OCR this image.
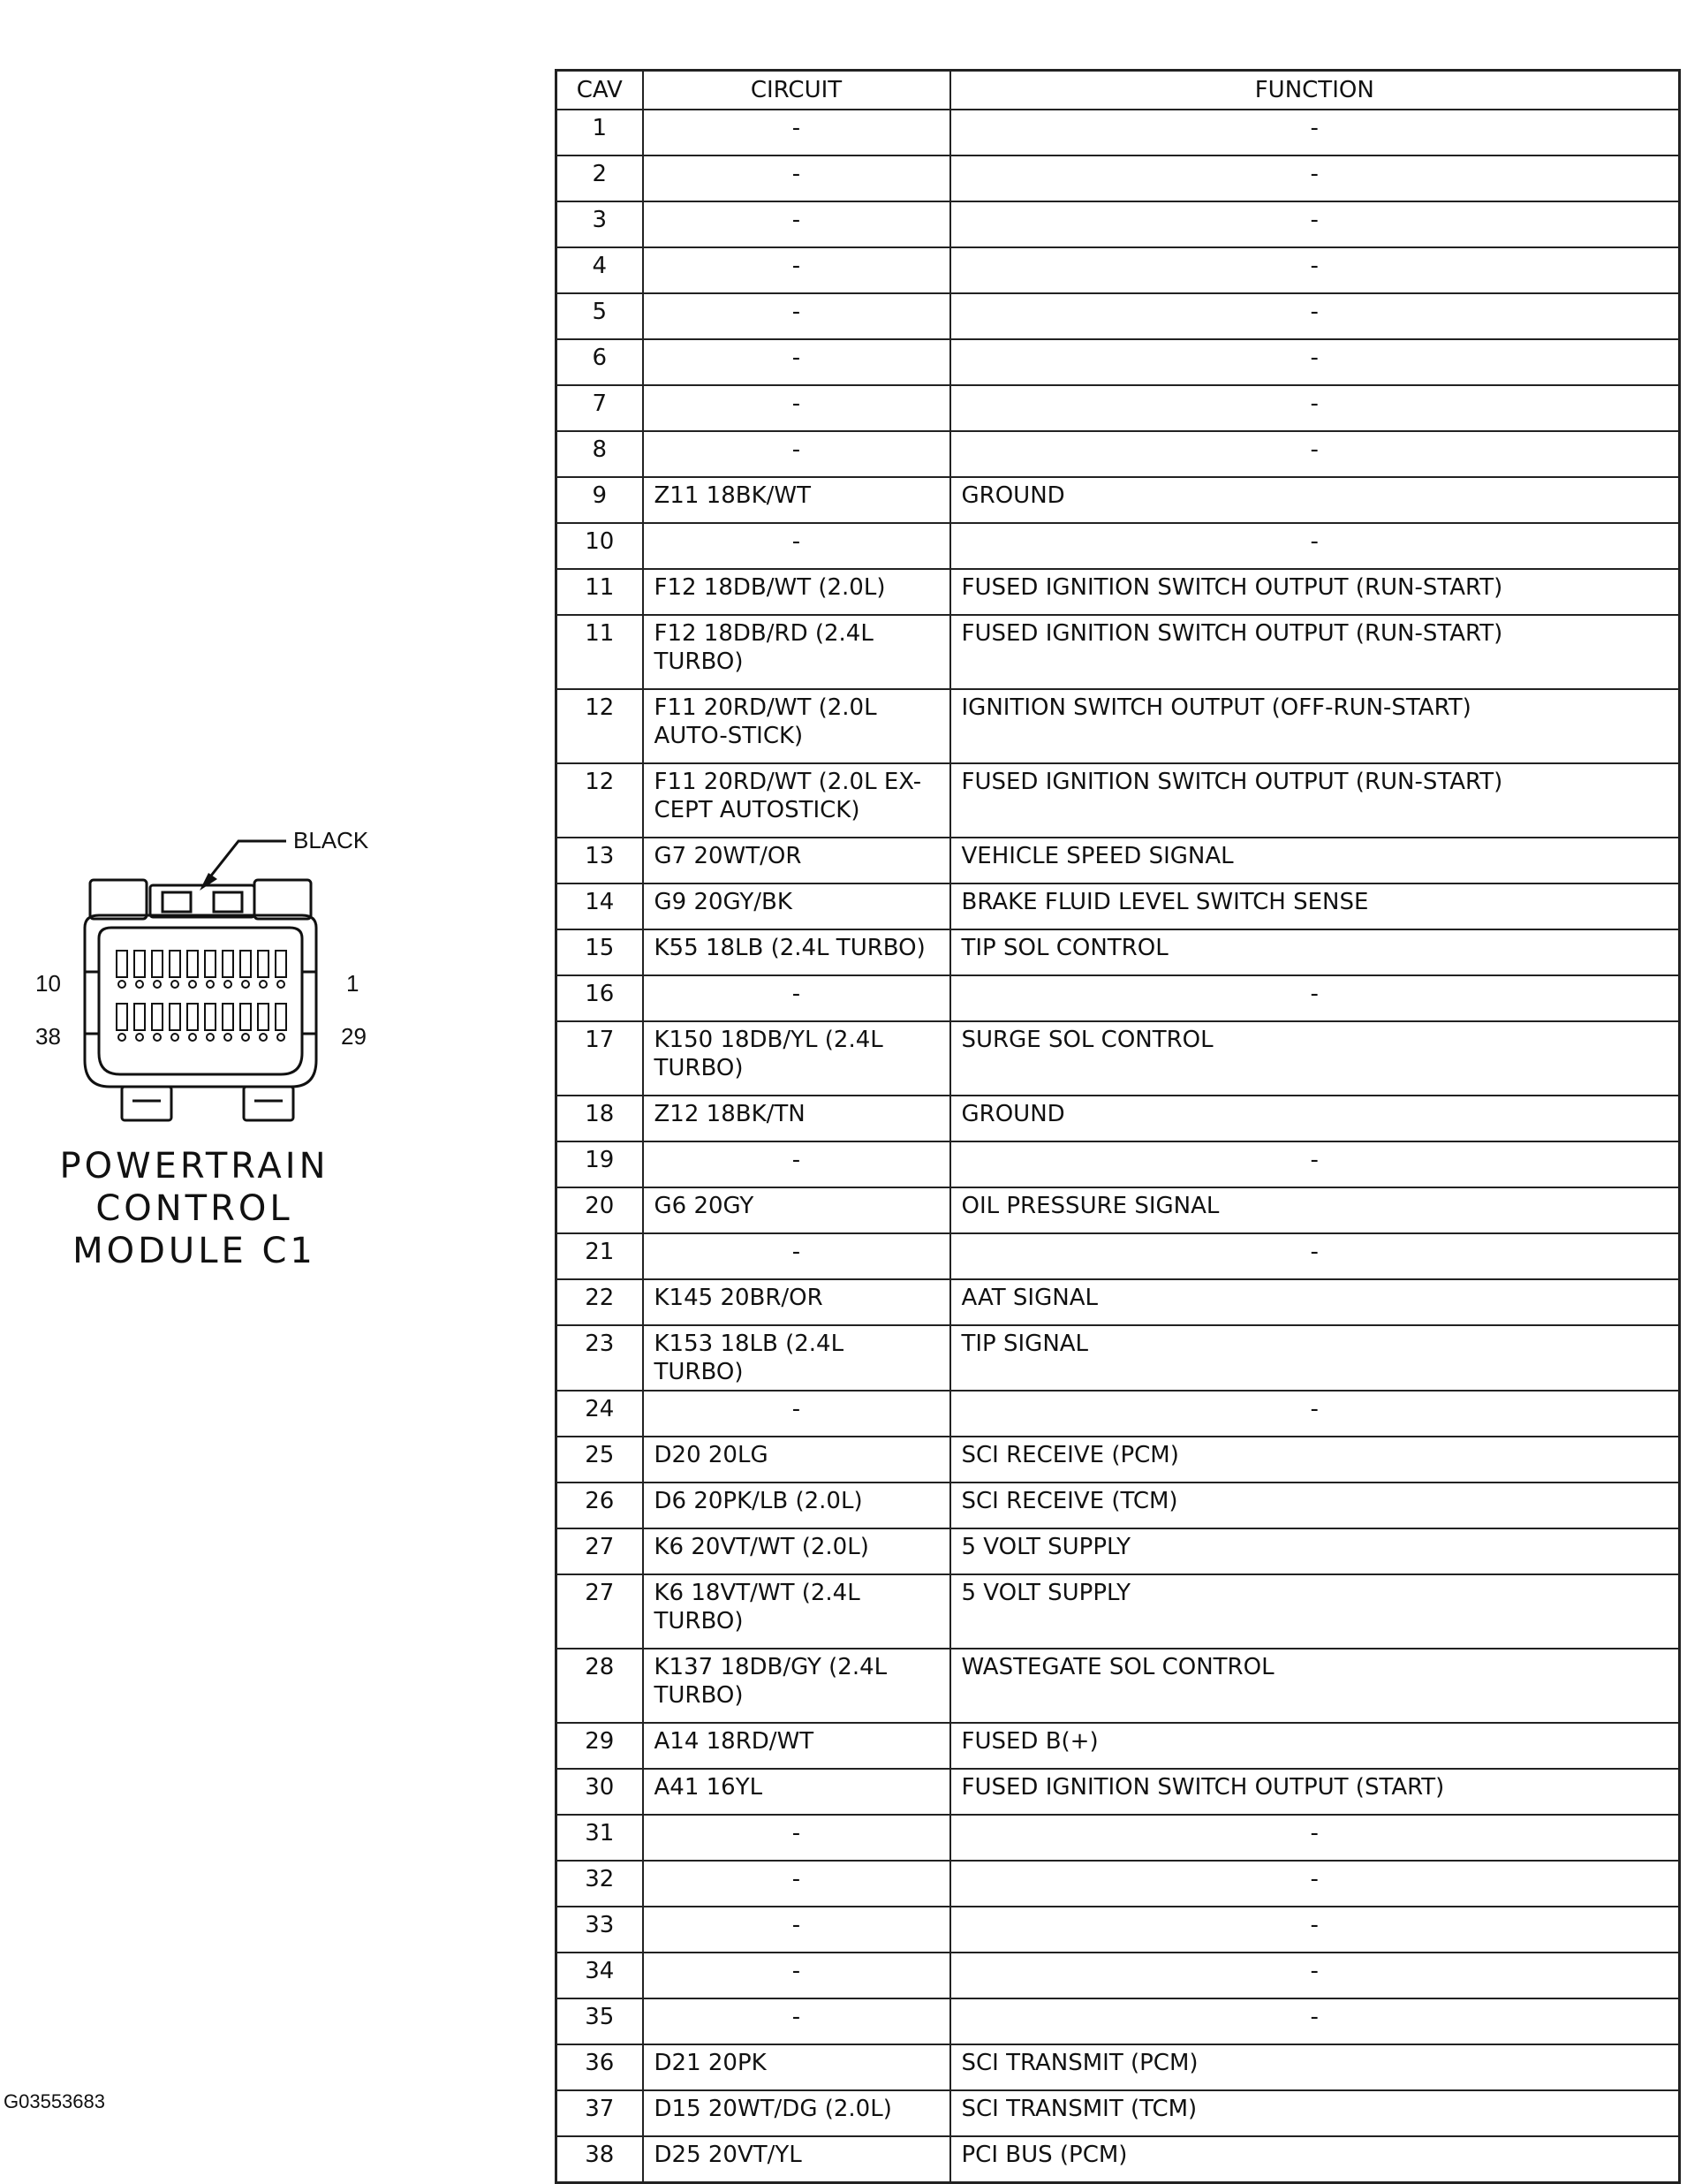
BLACK
10	1
38	29
POWERTRAIN
CONTROL
MODULE C1
CAV	CIRCUIT	FUNCTION
1	-	-
2	-	-
3	-	-
4	-	-
5	-	-
6	-	-
7	-	-
8	-	-
9	Z11 18BK/WT	GROUND
10	-	-
11	F12 18DB/WT (2.0L)	FUSED IGNITION SWITCH OUTPUT (RUN-START)
11	F12 18DB/RD (2.4L TURBO)	FUSED IGNITION SWITCH OUTPUT (RUN-START)
12	F11 20RD/WT (2.0L AUTO-STICK)	IGNITION SWITCH OUTPUT (OFF-RUN-START)
12	F11 20RD/WT (2.0L EX-CEPT AUTOSTICK)	FUSED IGNITION SWITCH OUTPUT (RUN-START)
13	G7 20WT/OR	VEHICLE SPEED SIGNAL
14	G9 20GY/BK	BRAKE FLUID LEVEL SWITCH SENSE
15	K55 18LB (2.4L TURBO)	TIP SOL CONTROL
16	-	-
17	K150 18DB/YL (2.4L TURBO)	SURGE SOL CONTROL
18	Z12 18BK/TN	GROUND
19	-	-
20	G6 20GY	OIL PRESSURE SIGNAL
21	-	-
22	K145 20BR/OR	AAT SIGNAL
23	K153 18LB (2.4L TURBO)	TIP SIGNAL
24	-	-
25	D20 20LG	SCI RECEIVE (PCM)
26	D6 20PK/LB (2.0L)	SCI RECEIVE (TCM)
27	K6 20VT/WT (2.0L)	5 VOLT SUPPLY
27	K6 18VT/WT (2.4L TURBO)	5 VOLT SUPPLY
28	K137 18DB/GY (2.4L TURBO)	WASTEGATE SOL CONTROL
29	A14 18RD/WT	FUSED B(+)
30	A41 16YL	FUSED IGNITION SWITCH OUTPUT (START)
31	-	-
32	-	-
33	-	-
34	-	-
35	-	-
36	D21 20PK	SCI TRANSMIT (PCM)
37	D15 20WT/DG (2.0L)	SCI TRANSMIT (TCM)
38	D25 20VT/YL	PCI BUS (PCM)
G03553683
